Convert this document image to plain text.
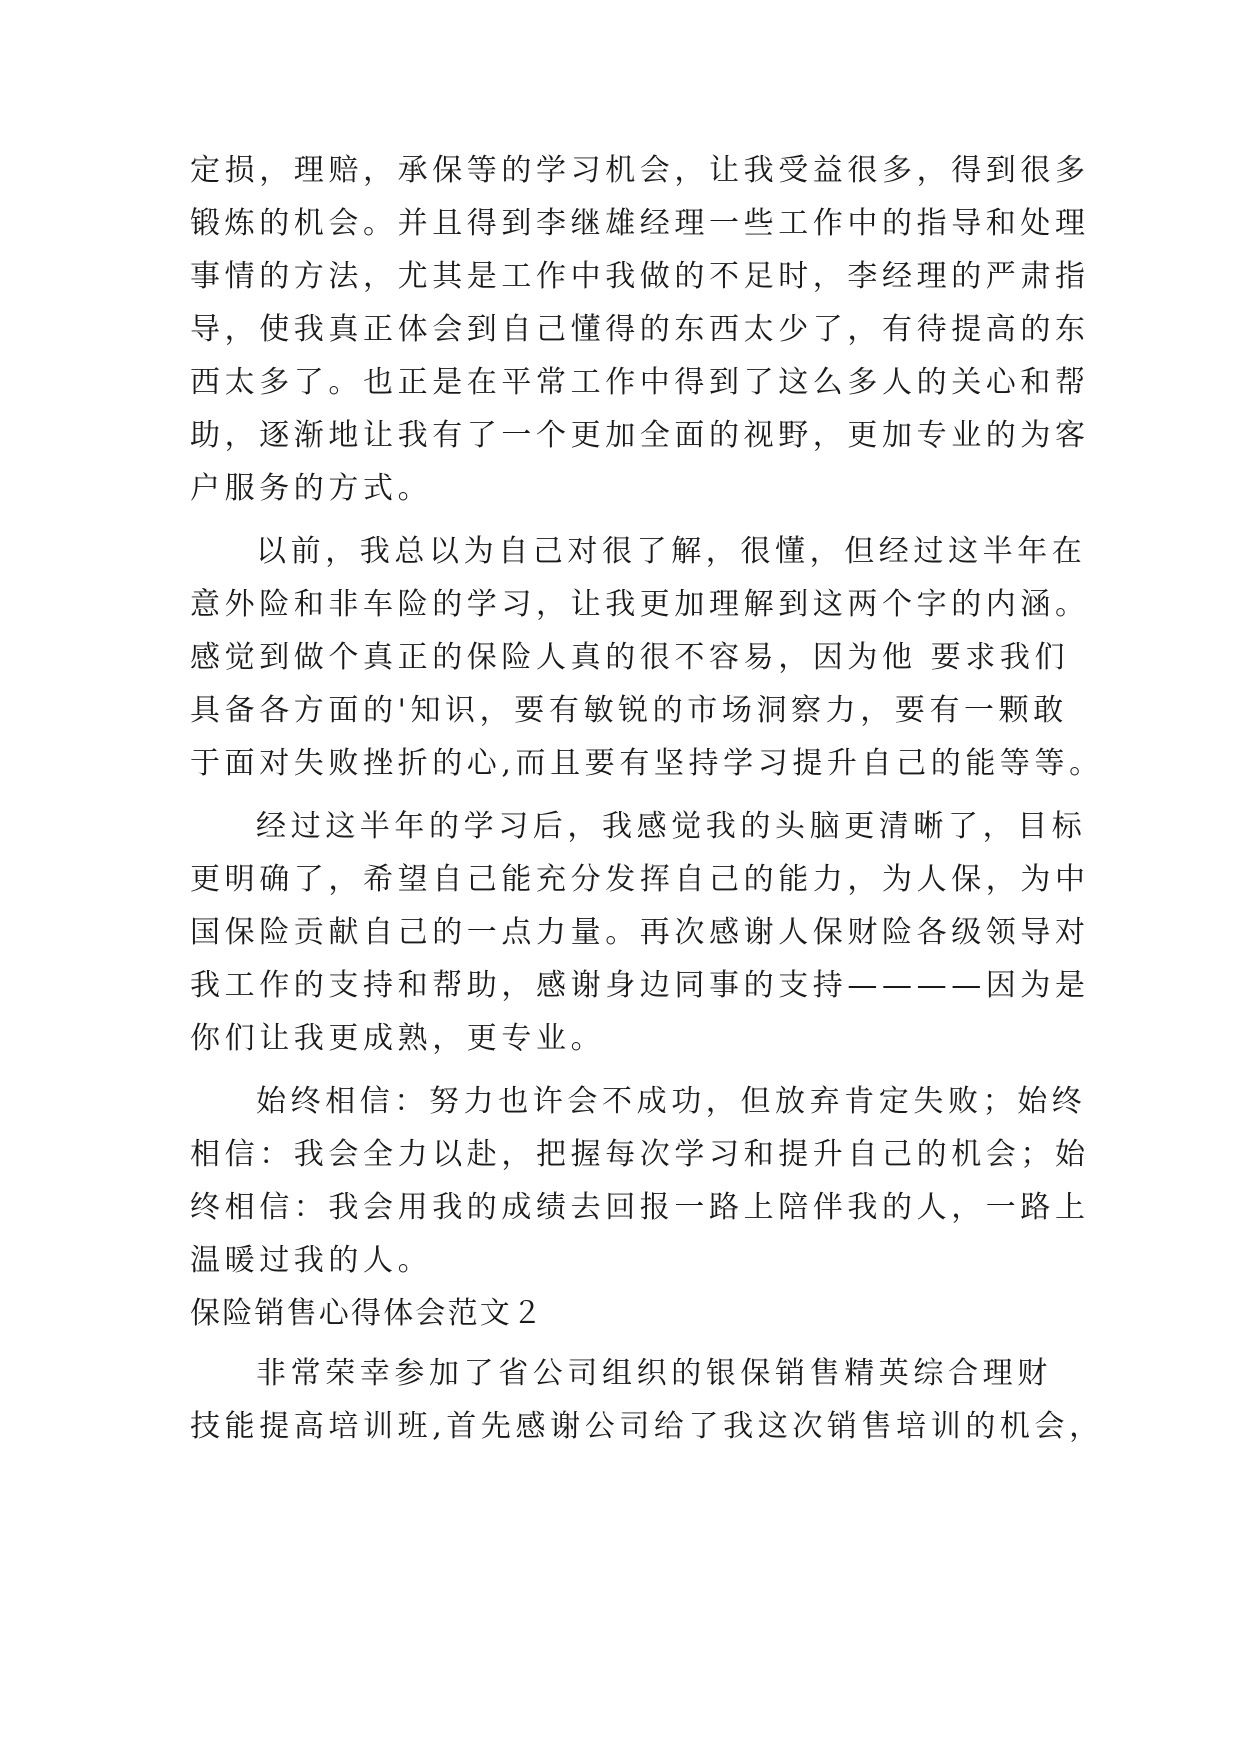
定损，理赔，承保等的学习机会，让我受益很多，得到很多
锻炼的机会。并且得到李继雄经理一些工作中的指导和处理
事情的方法，尤其是工作中我做的不足时，李经理的严肃指
导，使我真正体会到自己懂得的东西太少了，有待提高的东
西太多了。也正是在平常工作中得到了这么多人的关心和帮
助，逐渐地让我有了一个更加全面的视野，更加专业的为客
户服务的方式。
以前，我总以为自己对很了解，很懂，但经过这半年在
意外险和非车险的学习，让我更加理解到这两个字的内涵。
感觉到做个真正的保险人真的很不容易，因为他 要求我们
具备各方面的'知识，要有敏锐的市场洞察力，要有一颗敢
于面对失败挫折的心,而且要有坚持学习提升自己的能等等。
经过这半年的学习后，我感觉我的头脑更清晰了，目标
更明确了，希望自己能充分发挥自己的能力，为人保，为中
国保险贡献自己的一点力量。再次感谢人保财险各级领导对
我工作的支持和帮助，感谢身边同事的支持————因为是
你们让我更成熟，更专业。
始终相信：努力也许会不成功，但放弃肯定失败；始终
相信：我会全力以赴，把握每次学习和提升自己的机会；始
终相信：我会用我的成绩去回报一路上陪伴我的人，一路上
温暖过我的人。
保险销售心得体会范文２
非常荣幸参加了省公司组织的银保销售精英综合理财
技能提高培训班,首先感谢公司给了我这次销售培训的机会，
